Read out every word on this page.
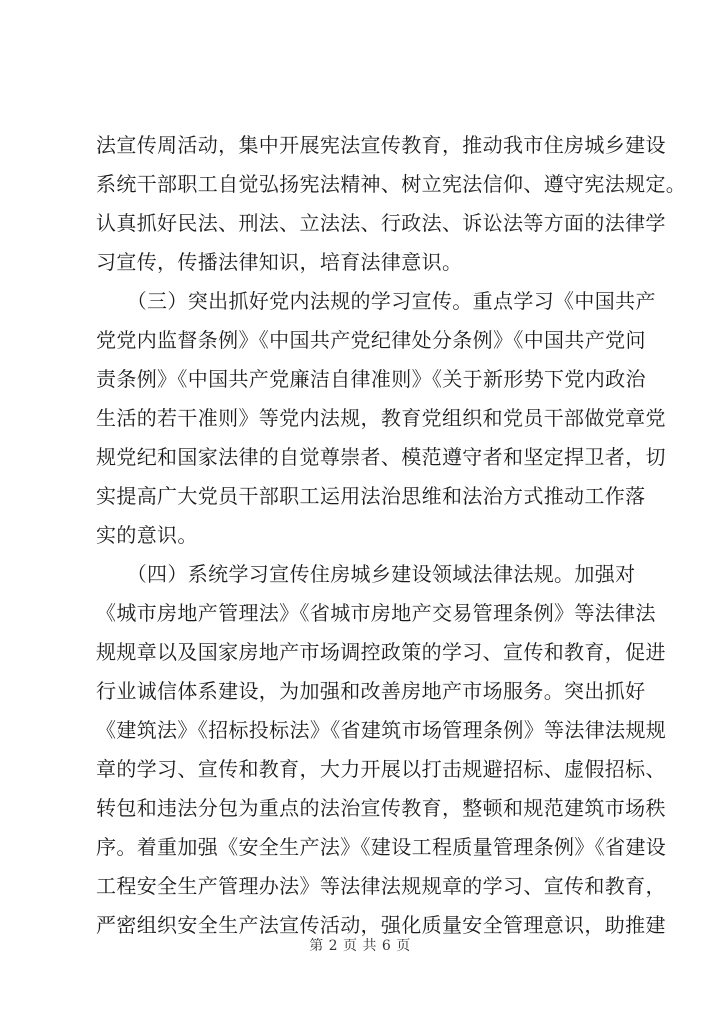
法宣传周活动，集中开展宪法宣传教育，推动我市住房城乡建设
系统干部职工自觉弘扬宪法精神、树立宪法信仰、遵守宪法规定。
认真抓好民法、刑法、立法法、行政法、诉讼法等方面的法律学
习宣传，传播法律知识，培育法律意识。
　　（三）突出抓好党内法规的学习宣传。重点学习《中国共产
党党内监督条例》《中国共产党纪律处分条例》《中国共产党问
责条例》《中国共产党廉洁自律准则》《关于新形势下党内政治
生活的若干准则》等党内法规，教育党组织和党员干部做党章党
规党纪和国家法律的自觉尊崇者、模范遵守者和坚定捍卫者，切
实提高广大党员干部职工运用法治思维和法治方式推动工作落
实的意识。
　　（四）系统学习宣传住房城乡建设领域法律法规。加强对
《城市房地产管理法》《省城市房地产交易管理条例》等法律法
规规章以及国家房地产市场调控政策的学习、宣传和教育，促进
行业诚信体系建设，为加强和改善房地产市场服务。突出抓好
《建筑法》《招标投标法》《省建筑市场管理条例》等法律法规规
章的学习、宣传和教育，大力开展以打击规避招标、虚假招标、
转包和违法分包为重点的法治宣传教育，整顿和规范建筑市场秩
序。着重加强《安全生产法》《建设工程质量管理条例》《省建设
工程安全生产管理办法》等法律法规规章的学习、宣传和教育，
严密组织安全生产法宣传活动，强化质量安全管理意识，助推建
第 2 页 共 6 页
